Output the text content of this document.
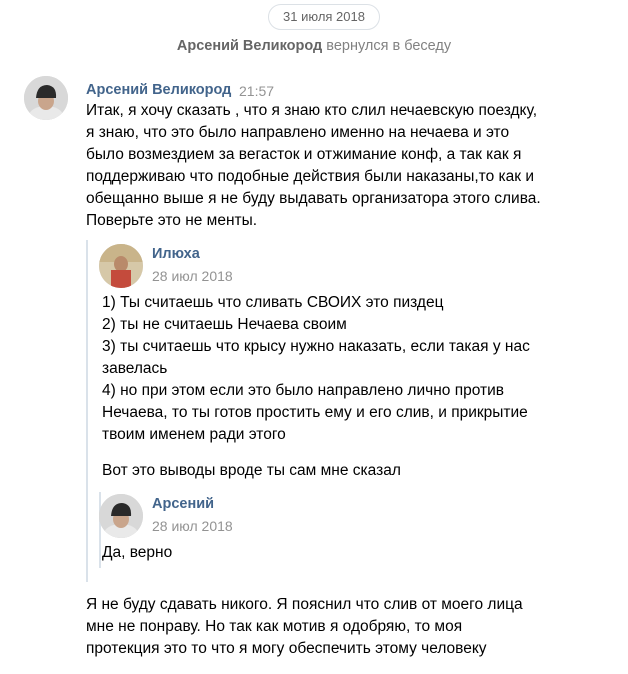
31 июля 2018
Арсений Великород вернулся в беседу
Арсений Великород 21:57
Итак, я хочу сказать , что я знаю кто слил нечаевскую поездку,
я знаю, что это было направлено именно на нечаева и это
было возмездием за вегасток и отжимание конф, а так как я
поддерживаю что подобные действия были наказаны,то как и
обещанно выше я не буду выдавать организатора этого слива.
Поверьте это не менты.
Илюха
28 июл 2018
1) Ты считаешь что сливать СВОИХ это пиздец
2) ты не считаешь Нечаева своим
3) ты считаешь что крысу нужно наказать, если такая у нас
завелась
4) но при этом если это было направлено лично против
Нечаева, то ты готов простить ему и его слив, и прикрытие
твоим именем ради этого
Вот это выводы вроде ты сам мне сказал
Арсений
28 июл 2018
Да, верно
Я не буду сдавать никого. Я пояснил что слив от моего лица
мне не понраву. Но так как мотив я одобряю, то моя
протекция это то что я могу обеспечить этому человеку
